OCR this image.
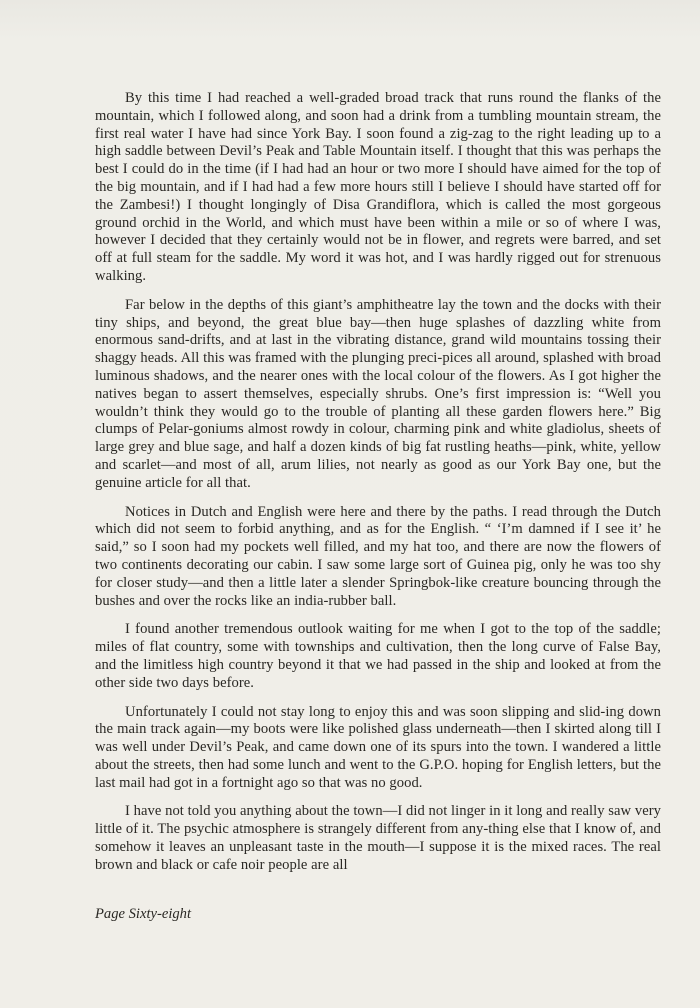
By this time I had reached a well-graded broad track that runs round the flanks of the mountain, which I followed along, and soon had a drink from a tumbling mountain stream, the first real water I have had since York Bay. I soon found a zig-zag to the right leading up to a high saddle between Devil’s Peak and Table Mountain itself. I thought that this was perhaps the best I could do in the time (if I had had an hour or two more I should have aimed for the top of the big mountain, and if I had had a few more hours still I believe I should have started off for the Zambesi!) I thought longingly of Disa Grandiflora, which is called the most gorgeous ground orchid in the World, and which must have been within a mile or so of where I was, however I decided that they certainly would not be in flower, and regrets were barred, and set off at full steam for the saddle. My word it was hot, and I was hardly rigged out for strenuous walking.

Far below in the depths of this giant’s amphitheatre lay the town and the docks with their tiny ships, and beyond, the great blue bay—then huge splashes of dazzling white from enormous sand-drifts, and at last in the vibrating distance, grand wild mountains tossing their shaggy heads. All this was framed with the plunging preci-pices all around, splashed with broad luminous shadows, and the nearer ones with the local colour of the flowers. As I got higher the natives began to assert themselves, especially shrubs. One’s first impression is: “Well you wouldn’t think they would go to the trouble of planting all these garden flowers here.” Big clumps of Pelar-goniums almost rowdy in colour, charming pink and white gladiolus, sheets of large grey and blue sage, and half a dozen kinds of big fat rustling heaths—pink, white, yellow and scarlet—and most of all, arum lilies, not nearly as good as our York Bay one, but the genuine article for all that.

Notices in Dutch and English were here and there by the paths. I read through the Dutch which did not seem to forbid anything, and as for the English. “ ‘I’m damned if I see it’ he said,” so I soon had my pockets well filled, and my hat too, and there are now the flowers of two continents decorating our cabin. I saw some large sort of Guinea pig, only he was too shy for closer study—and then a little later a slender Springbok-like creature bouncing through the bushes and over the rocks like an india-rubber ball.

I found another tremendous outlook waiting for me when I got to the top of the saddle; miles of flat country, some with townships and cultivation, then the long curve of False Bay, and the limitless high country beyond it that we had passed in the ship and looked at from the other side two days before.

Unfortunately I could not stay long to enjoy this and was soon slipping and slid-ing down the main track again—my boots were like polished glass underneath—then I skirted along till I was well under Devil’s Peak, and came down one of its spurs into the town. I wandered a little about the streets, then had some lunch and went to the G.P.O. hoping for English letters, but the last mail had got in a fortnight ago so that was no good.

I have not told you anything about the town—I did not linger in it long and really saw very little of it. The psychic atmosphere is strangely different from any-thing else that I know of, and somehow it leaves an unpleasant taste in the mouth—I suppose it is the mixed races. The real brown and black or cafe noir people are all

Page Sixty-eight
